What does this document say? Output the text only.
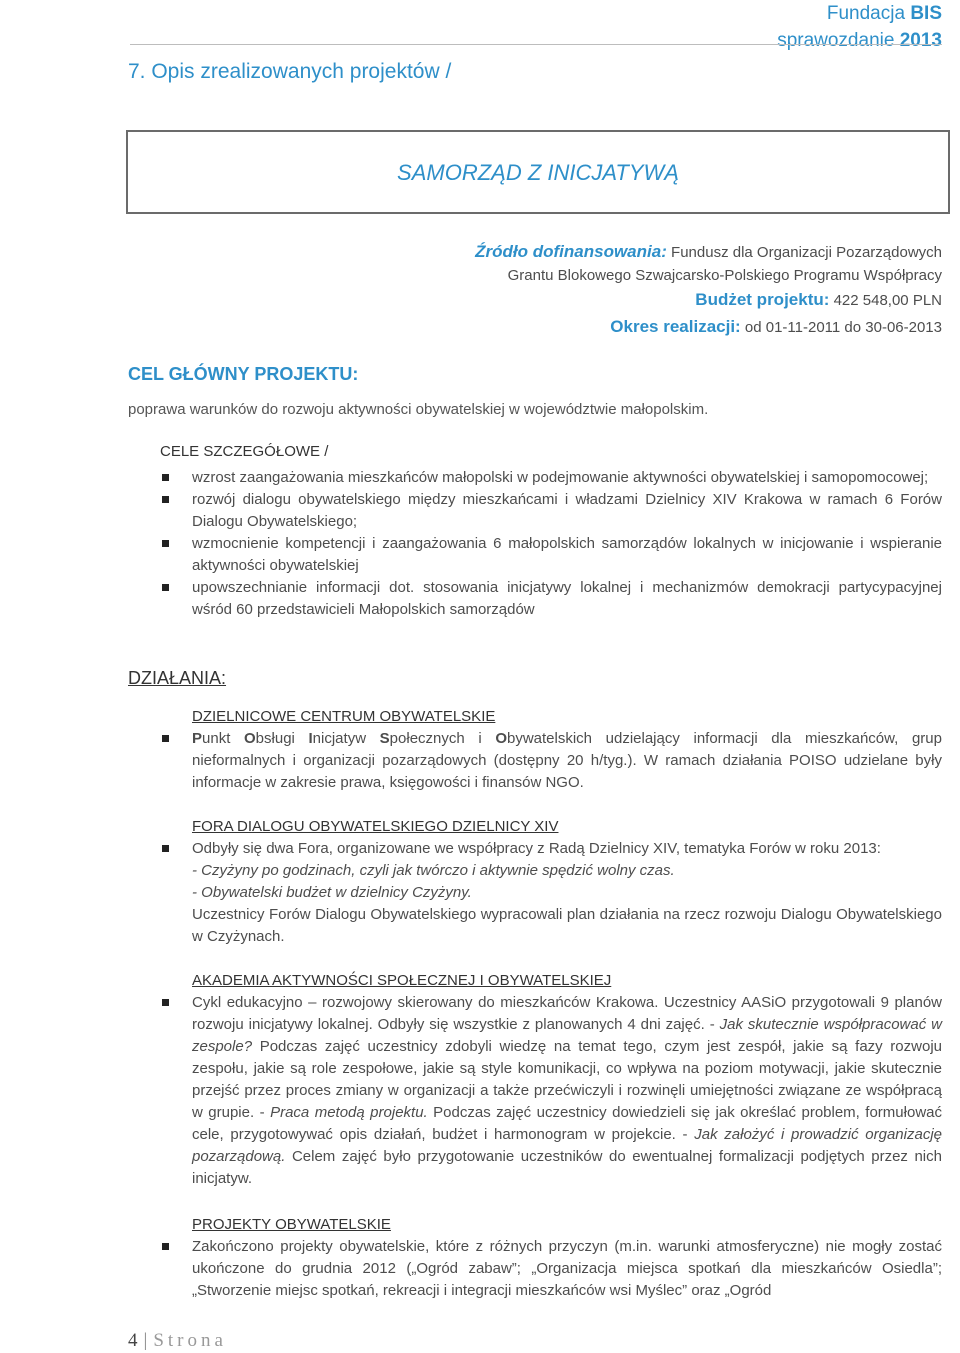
Fundacja BIS
sprawozdanie 2013
7. Opis zrealizowanych projektów /
SAMORZĄD Z INICJATYWĄ
Źródło dofinansowania: Fundusz dla Organizacji Pozarządowych
Grantu Blokowego Szwajcarsko-Polskiego Programu Współpracy
Budżet projektu: 422 548,00 PLN
Okres realizacji: od 01-11-2011 do 30-06-2013
CEL GŁÓWNY PROJEKTU:
poprawa warunków do rozwoju aktywności obywatelskiej w województwie małopolskim.
CELE SZCZEGÓŁOWE /
wzrost zaangażowania mieszkańców małopolski w podejmowanie aktywności obywatelskiej i samopomocowej;
rozwój dialogu obywatelskiego między mieszkańcami i władzami Dzielnicy XIV Krakowa w ramach 6 Forów Dialogu Obywatelskiego;
wzmocnienie kompetencji i zaangażowania 6 małopolskich samorządów lokalnych w inicjowanie i wspieranie aktywności obywatelskiej
upowszechnianie informacji dot. stosowania inicjatywy lokalnej i mechanizmów demokracji partycypacyjnej wśród 60 przedstawicieli Małopolskich samorządów
DZIAŁANIA:
DZIELNICOWE CENTRUM OBYWATELSKIE

Punkt Obsługi Inicjatyw Społecznych i Obywatelskich udzielający informacji dla mieszkańców, grup nieformalnych i organizacji pozarządowych (dostępny 20 h/tyg.). W ramach działania POISO udzielane były informacje w zakresie prawa, księgowości i finansów NGO.

FORA DIALOGU OBYWATELSKIEGO DZIELNICY XIV

Odbyły się dwa Fora, organizowane we współpracy z Radą Dzielnicy XIV, tematyka Forów w roku 2013:

- Czyżyny po godzinach, czyli jak twórczo i aktywnie spędzić wolny czas.

- Obywatelski budżet w dzielnicy Czyżyny.

Uczestnicy Forów Dialogu Obywatelskiego wypracowali plan działania na rzecz rozwoju Dialogu Obywatelskiego w Czyżynach.

AKADEMIA AKTYWNOŚCI SPOŁECZNEJ I OBYWATELSKIEJ

Cykl edukacyjno – rozwojowy skierowany do mieszkańców Krakowa. Uczestnicy AASiO przygotowali 9 planów rozwoju inicjatywy lokalnej. Odbyły się wszystkie z planowanych 4 dni zajęć. - Jak skutecznie współpracować w zespole? Podczas zajęć uczestnicy zdobyli wiedzę na temat tego, czym jest zespół, jakie są fazy rozwoju zespołu, jakie są role zespołowe, jakie są style komunikacji, co wpływa na poziom motywacji, jakie skutecznie przejść przez proces zmiany w organizacji a także przećwiczyli i rozwinęli umiejętności związane ze współpracą w grupie. - Praca metodą projektu. Podczas zajęć uczestnicy dowiedzieli się jak określać problem, formułować cele, przygotowywać opis działań, budżet i harmonogram w projekcie. - Jak założyć i prowadzić organizację pozarządową. Celem zajęć było przygotowanie uczestników do ewentualnej formalizacji podjętych przez nich inicjatyw.

PROJEKTY OBYWATELSKIE

Zakończono projekty obywatelskie, które z różnych przyczyn (m.in. warunki atmosferyczne) nie mogły zostać ukończone do grudnia 2012 („Ogród zabaw”; „Organizacja miejsca spotkań dla mieszkańców Osiedla”; „Stworzenie miejsc spotkań, rekreacji i integracji mieszkańców wsi Myślec” oraz „Ogród

4 | Strona
